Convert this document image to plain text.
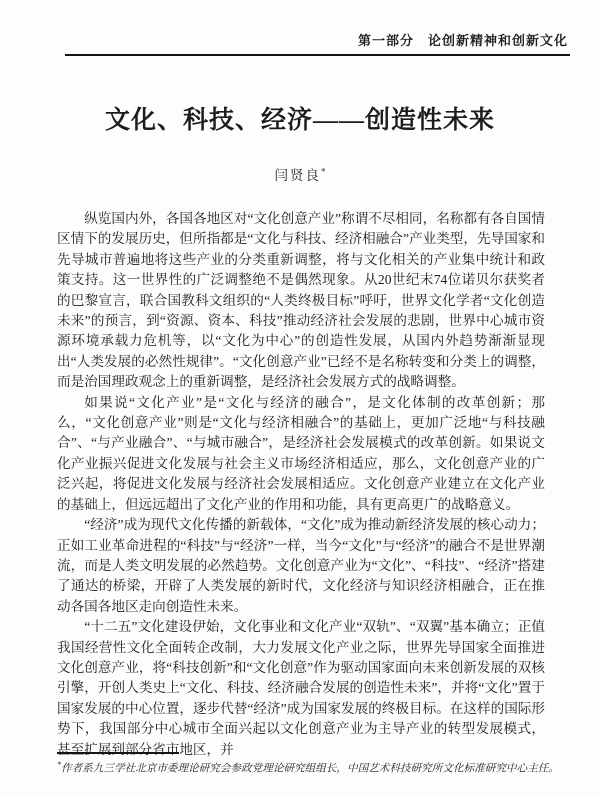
第一部分　论创新精神和创新文化
文化、科技、经济——创造性未来
闫贤良*

纵览国内外，各国各地区对“文化创意产业”称谓不尽相同，名称都有各自国情区情下的发展历史，但所指都是“文化与科技、经济相融合”产业类型，先导国家和先导城市普遍地将这些产业的分类重新调整，将与文化相关的产业集中统计和政策支持。这一世界性的广泛调整绝不是偶然现象。从20世纪末74位诺贝尔获奖者的巴黎宣言，联合国教科文组织的“人类终极目标”呼吁，世界文化学者“文化创造未来”的预言，到“资源、资本、科技”推动经济社会发展的悲剧，世界中心城市资源环境承载力危机等，以“文化为中心”的创造性发展，从国内外趋势渐渐显现出“人类发展的必然性规律”。“文化创意产业”已经不是名称转变和分类上的调整，而是治国理政观念上的重新调整，是经济社会发展方式的战略调整。

如果说“文化产业”是“文化与经济的融合”，是文化体制的改革创新；那么，“文化创意产业”则是“文化与经济相融合”的基础上，更加广泛地“与科技融合”、“与产业融合”、“与城市融合”，是经济社会发展模式的改革创新。如果说文化产业振兴促进文化发展与社会主义市场经济相适应，那么，文化创意产业的广泛兴起，将促进文化发展与经济社会发展相适应。文化创意产业建立在文化产业的基础上，但远远超出了文化产业的作用和功能，具有更高更广的战略意义。

“经济”成为现代文化传播的新载体，“文化”成为推动新经济发展的核心动力；正如工业革命进程的“科技”与“经济”一样，当今“文化”与“经济”的融合不是世界潮流，而是人类文明发展的必然趋势。文化创意产业为“文化”、“科技”、“经济”搭建了通达的桥梁，开辟了人类发展的新时代，文化经济与知识经济相融合，正在推动各国各地区走向创造性未来。

“十二五”文化建设伊始，文化事业和文化产业“双轨”、“双翼”基本确立；正值我国经营性文化全面转企改制，大力发展文化产业之际，世界先导国家全面推进文化创意产业，将“科技创新”和“文化创意”作为驱动国家面向未来创新发展的双核引擎，开创人类史上“文化、科技、经济融合发展的创造性未来”，并将“文化”置于国家发展的中心位置，逐步代替“经济”成为国家发展的终极目标。在这样的国际形势下，我国部分中心城市全面兴起以文化创意产业为主导产业的转型发展模式，甚至扩展到部分省市地区，并

*作者系九三学社北京市委理论研究会参政党理论研究组组长，中国艺术科技研究所文化标准研究中心主任。
